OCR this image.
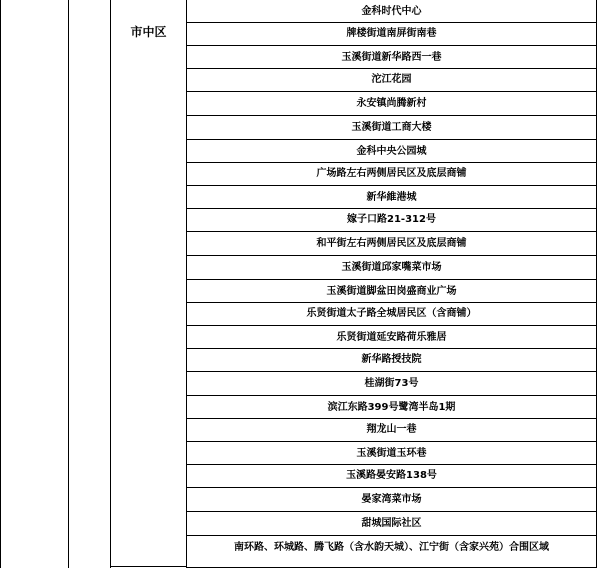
市中区
金科时代中心
牌楼街道南屏街南巷
玉溪街道新华路西一巷
沱江花园
永安镇尚腾新村
玉溪街道工商大楼
金科中央公园城
广场路左右两侧居民区及底层商铺
新华維港城
嫁子口路21-312号
和平街左右两侧居民区及底层商铺
玉溪街道邱家嘴菜市场
玉溪街道脚盆田岗盛商业广场
乐贤街道太子路全城居民区（含商铺）
乐贤街道延安路荷乐雅居
新华路授技院
桂湖街73号
滨江东路399号鹭湾半岛1期
翔龙山一巷
玉溪街道玉环巷
玉溪路晏安路138号
晏家湾菜市场
甜城国际社区
南环路、环城路、腾飞路（含水韵天城）、江宁街（含家兴苑）合围区域
